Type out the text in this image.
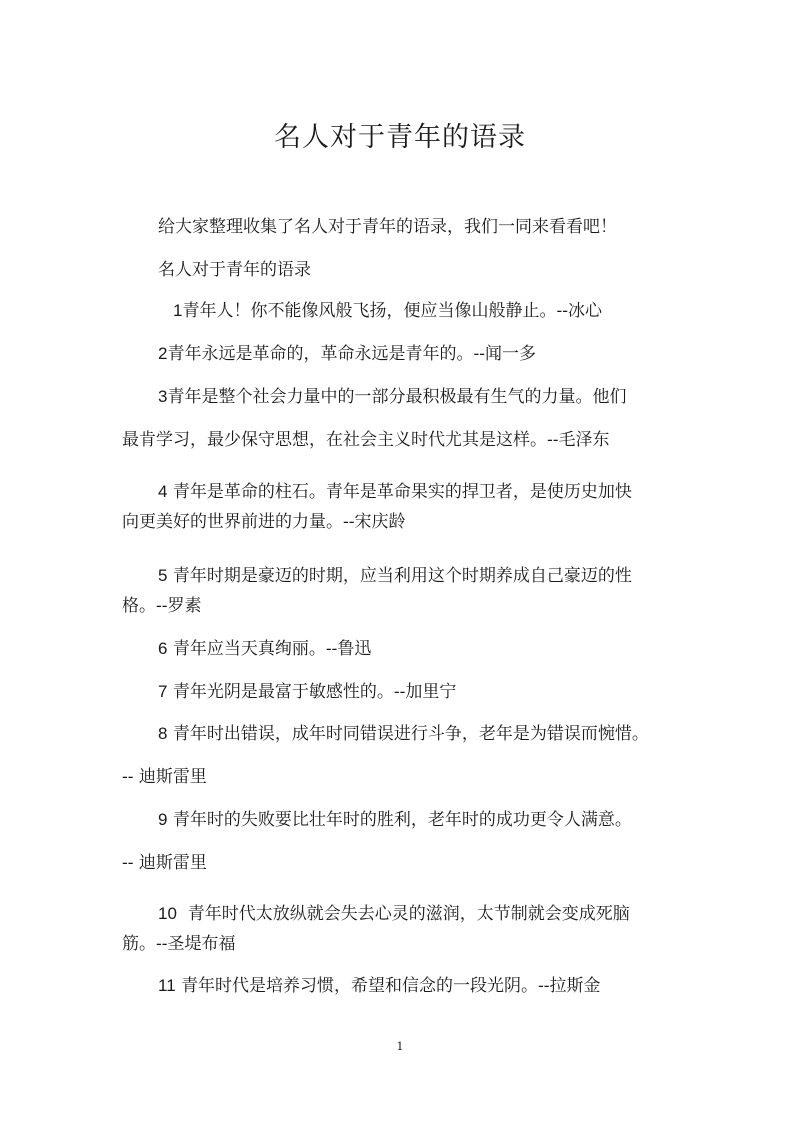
名人对于青年的语录
给大家整理收集了名人对于青年的语录，我们一同来看看吧！
名人对于青年的语录
1青年人！你不能像风般飞扬，便应当像山般静止。--冰心
2青年永远是革命的，革命永远是青年的。--闻一多
3青年是整个社会力量中的一部分最积极最有生气的力量。他们
最肯学习，最少保守思想，在社会主义时代尤其是这样。--毛泽东
4 青年是革命的柱石。青年是革命果实的捍卫者，是使历史加快
向更美好的世界前进的力量。--宋庆龄
5 青年时期是豪迈的时期，应当利用这个时期养成自己豪迈的性
格。--罗素
6 青年应当天真绚丽。--鲁迅
7 青年光阴是最富于敏感性的。--加里宁
8 青年时出错误，成年时同错误进行斗争，老年是为错误而惋惜。
-- 迪斯雷里
9 青年时的失败要比壮年时的胜利，老年时的成功更令人满意。
-- 迪斯雷里
10 青年时代太放纵就会失去心灵的滋润，太节制就会变成死脑
筋。--圣堤布福
11 青年时代是培养习惯，希望和信念的一段光阴。--拉斯金
1
